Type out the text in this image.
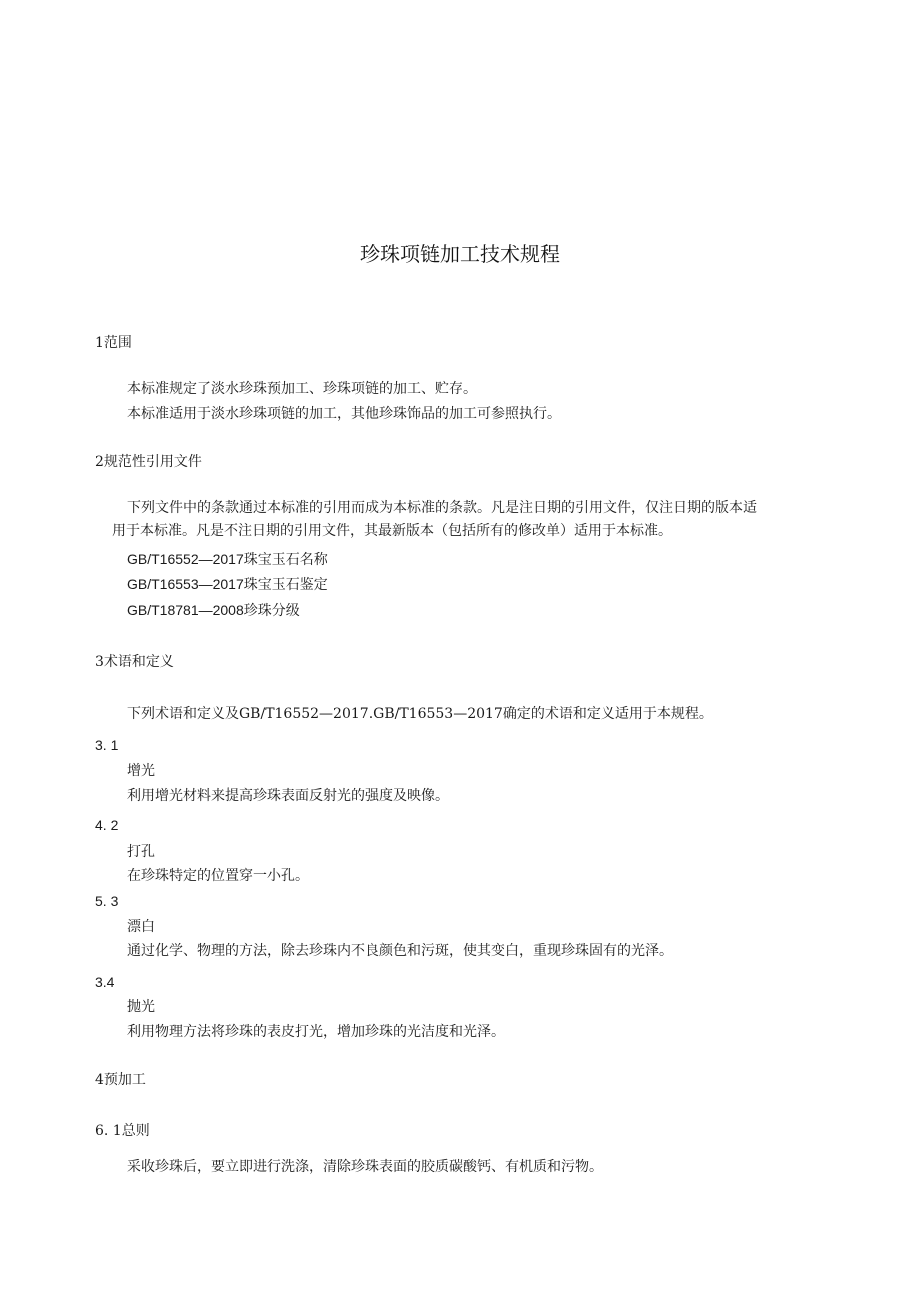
珍珠项链加工技术规程
1范围
本标准规定了淡水珍珠预加工、珍珠项链的加工、贮存。
本标准适用于淡水珍珠项链的加工，其他珍珠饰品的加工可参照执行。
2规范性引用文件
下列文件中的条款通过本标准的引用而成为本标准的条款。凡是注日期的引用文件，仅注日期的版本适
用于本标准。凡是不注日期的引用文件，其最新版本（包括所有的修改单）适用于本标准。
GB/T16552—2017珠宝玉石名称
GB/T16553—2017珠宝玉石鉴定
GB/T18781—2008珍珠分级
3术语和定义
下列术语和定义及GB/T16552—2017.GB/T16553—2017确定的术语和定义适用于本规程。
3. 1
增光
利用增光材料来提高珍珠表面反射光的强度及映像。
4. 2
打孔
在珍珠特定的位置穿一小孔。
5. 3
漂白
通过化学、物理的方法，除去珍珠内不良颜色和污斑，使其变白，重现珍珠固有的光泽。
3.4
抛光
利用物理方法将珍珠的表皮打光，增加珍珠的光洁度和光泽。
4预加工
6. 1总则
采收珍珠后，要立即进行洗涤，清除珍珠表面的胶质碳酸钙、有机质和污物。
